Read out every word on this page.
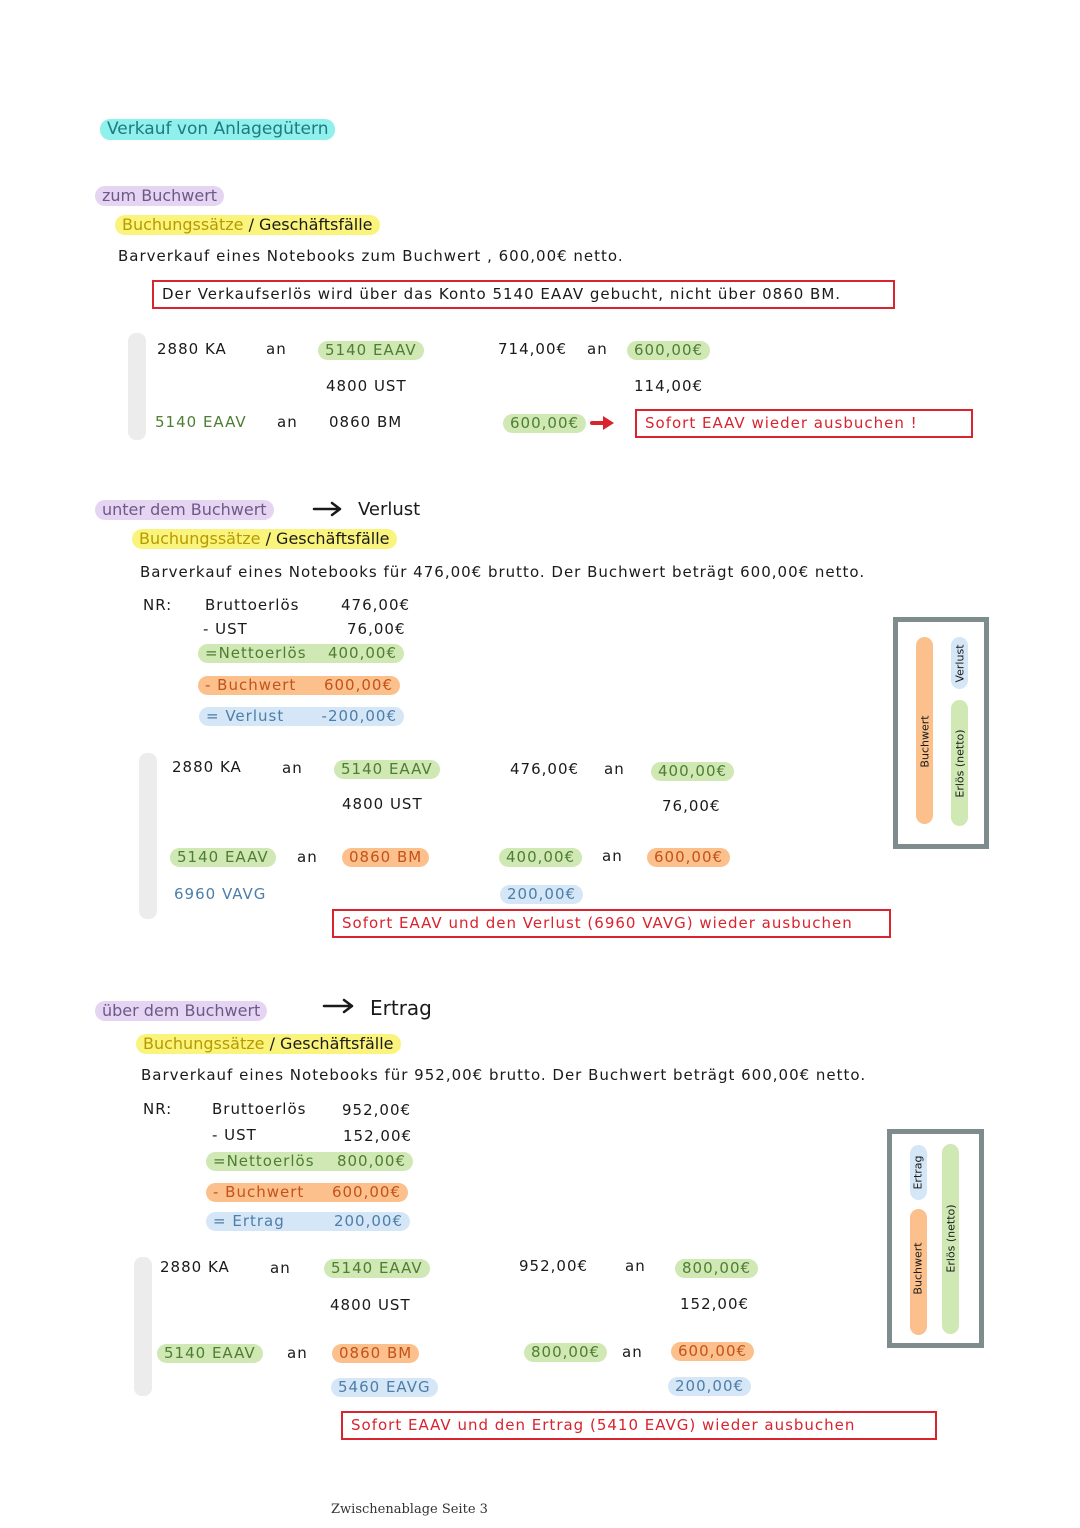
Verkauf von Anlagegütern
zum Buchwert
Buchungssätze / Geschäftsfälle
Barverkauf eines Notebooks zum Buchwert , 600,00€ netto.
Der Verkaufserlös wird über das Konto 5140 EAAV gebucht, nicht über 0860 BM.
2880 KA	an	5140 EAAV	714,00€ an	600,00€
4800 UST	114,00€
5140 EAAV an 0860 BM	600,00€	Sofort EAAV wieder ausbuchen !
unter dem Buchwert	Verlust
Buchungssätze / Geschäftsfälle
Barverkauf eines Notebooks für 476,00€ brutto. Der Buchwert beträgt 600,00€ netto.
NR: Bruttoerlös	476,00€
- UST	76,00€
=Nettoerlös 400,00€
- Buchwert 600,00€
= Verlust -200,00€
2880 KA	an	5140 EAAV	476,00€ an	400,00€
4800 UST	76,00€
5140 EAAV	an	0860 BM	400,00€	an	600,00€
6960 VAVG	200,00€
Sofort EAAV und den Verlust (6960 VAVG) wieder ausbuchen
Buchwert
Verlust
Erlös (netto)
über dem Buchwert	Ertrag
Buchungssätze / Geschäftsfälle
Barverkauf eines Notebooks für 952,00€ brutto. Der Buchwert beträgt 600,00€ netto.
NR:	Bruttoerlös 952,00€
- UST	152,00€
=Nettoerlös 800,00€
- Buchwert 600,00€
= Ertrag	200,00€
2880 KA	an	5140 EAAV	952,00€ an	800,00€
4800 UST	152,00€
5140 EAAV	an	0860 BM	800,00€	an	600,00€
5460 EAVG	200,00€
Sofort EAAV und den Ertrag (5410 EAVG) wieder ausbuchen
Ertrag
Buchwert Erlös (netto)
Zwischenablage Seite 3
